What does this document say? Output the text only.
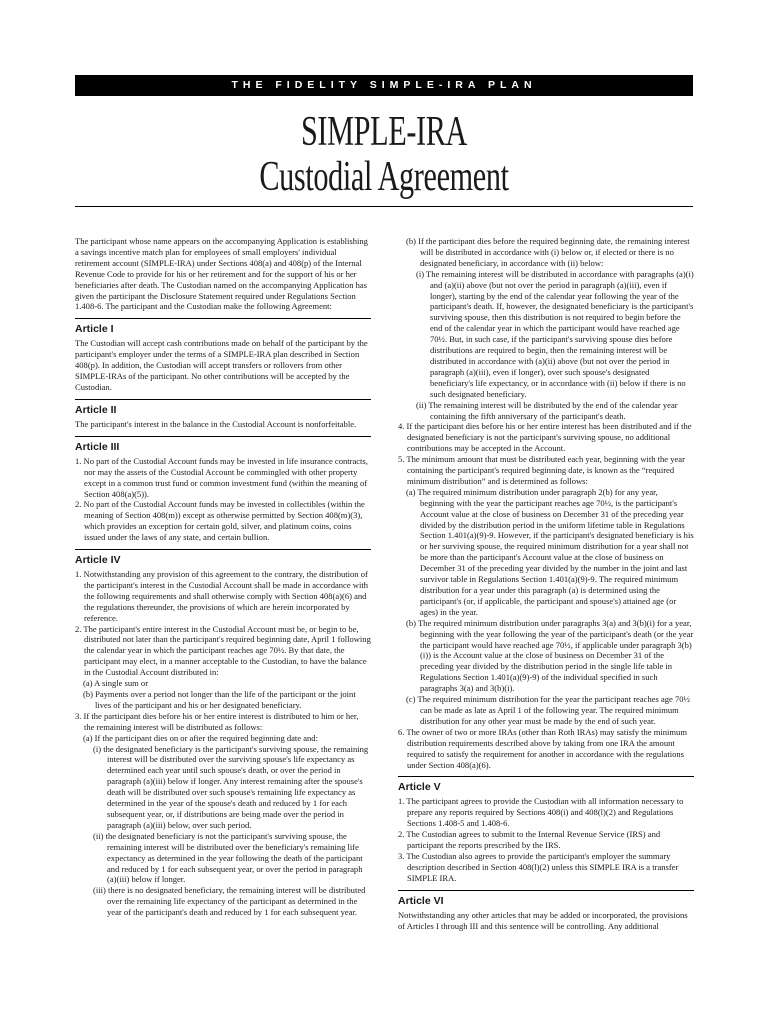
THE FIDELITY SIMPLE-IRA PLAN
SIMPLE-IRA
Custodial Agreement

The participant whose name appears on the accompanying Application is establishing a savings incentive match plan for employees of small employers' individual retirement account (SIMPLE-IRA) under Sections 408(a) and 408(p) of the Internal Revenue Code to provide for his or her retirement and for the support of his or her beneficiaries after death. The Custodian named on the accompanying Application has given the participant the Disclosure Statement required under Regulations Section 1.408-6. The participant and the Custodian make the following Agreement:

Article I

The Custodian will accept cash contributions made on behalf of the participant by the participant's employer under the terms of a SIMPLE-IRA plan described in Section 408(p). In addition, the Custodian will accept transfers or rollovers from other SIMPLE-IRAs of the participant. No other contributions will be accepted by the Custodian.

Article II

The participant's interest in the balance in the Custodial Account is nonforfeitable.

Article III

1. No part of the Custodial Account funds may be invested in life insurance contracts, nor may the assets of the Custodial Account be commingled with other property except in a common trust fund or common investment fund (within the meaning of Section 408(a)(5)).

2. No part of the Custodial Account funds may be invested in collectibles (within the meaning of Section 408(m)) except as otherwise permitted by Section 408(m)(3), which provides an exception for certain gold, silver, and platinum coins, coins issued under the laws of any state, and certain bullion.

Article IV

1. Notwithstanding any provision of this agreement to the contrary, the distribution of the participant's interest in the Custodial Account shall be made in accordance with the following requirements and shall otherwise comply with Section 408(a)(6) and the regulations thereunder, the provisions of which are herein incorporated by reference.

2. The participant's entire interest in the Custodial Account must be, or begin to be, distributed not later than the participant's required beginning date, April 1 following the calendar year in which the participant reaches age 70½. By that date, the participant may elect, in a manner acceptable to the Custodian, to have the balance in the Custodial Account distributed in:

(a) A single sum or

(b) Payments over a period not longer than the life of the participant or the joint lives of the participant and his or her designated beneficiary.

3. If the participant dies before his or her entire interest is distributed to him or her, the remaining interest will be distributed as follows:

(a) If the participant dies on or after the required beginning date and:

(i) the designated beneficiary is the participant's surviving spouse, the remaining interest will be distributed over the surviving spouse's life expectancy as determined each year until such spouse's death, or over the period in paragraph (a)(iii) below if longer. Any interest remaining after the spouse's death will be distributed over such spouse's remaining life expectancy as determined in the year of the spouse's death and reduced by 1 for each subsequent year, or, if distributions are being made over the period in paragraph (a)(iii) below, over such period.

(ii) the designated beneficiary is not the participant's surviving spouse, the remaining interest will be distributed over the beneficiary's remaining life expectancy as determined in the year following the death of the participant and reduced by 1 for each subsequent year, or over the period in paragraph (a)(iii) below if longer.

(iii) there is no designated beneficiary, the remaining interest will be distributed over the remaining life expectancy of the participant as determined in the year of the participant's death and reduced by 1 for each subsequent year.

(b) If the participant dies before the required beginning date, the remaining interest will be distributed in accordance with (i) below or, if elected or there is no designated beneficiary, in accordance with (ii) below:

(i) The remaining interest will be distributed in accordance with paragraphs (a)(i) and (a)(ii) above (but not over the period in paragraph (a)(iii), even if longer), starting by the end of the calendar year following the year of the participant's death. If, however, the designated beneficiary is the participant's surviving spouse, then this distribution is not required to begin before the end of the calendar year in which the participant would have reached age 70½. But, in such case, if the participant's surviving spouse dies before distributions are required to begin, then the remaining interest will be distributed in accordance with (a)(ii) above (but not over the period in paragraph (a)(iii), even if longer), over such spouse's designated beneficiary's life expectancy, or in accordance with (ii) below if there is no such designated beneficiary.

(ii) The remaining interest will be distributed by the end of the calendar year containing the fifth anniversary of the participant's death.

4. If the participant dies before his or her entire interest has been distributed and if the designated beneficiary is not the participant's surviving spouse, no additional contributions may be accepted in the Account.

5. The minimum amount that must be distributed each year, beginning with the year containing the participant's required beginning date, is known as the “required minimum distribution” and is determined as follows:

(a) The required minimum distribution under paragraph 2(b) for any year, beginning with the year the participant reaches age 70½, is the participant's Account value at the close of business on December 31 of the preceding year divided by the distribution period in the uniform lifetime table in Regulations Section 1.401(a)(9)-9. However, if the participant's designated beneficiary is his or her surviving spouse, the required minimum distribution for a year shall not be more than the participant's Account value at the close of business on December 31 of the preceding year divided by the number in the joint and last survivor table in Regulations Section 1.401(a)(9)-9. The required minimum distribution for a year under this paragraph (a) is determined using the participant's (or, if applicable, the participant and spouse's) attained age (or ages) in the year.

(b) The required minimum distribution under paragraphs 3(a) and 3(b)(i) for a year, beginning with the year following the year of the participant's death (or the year the participant would have reached age 70½, if applicable under paragraph 3(b)(i)) is the Account value at the close of business on December 31 of the preceding year divided by the distribution period in the single life table in Regulations Section 1.401(a)(9)-9) of the individual specified in such paragraphs 3(a) and 3(b)(i).

(c) The required minimum distribution for the year the participant reaches age 70½ can be made as late as April 1 of the following year. The required minimum distribution for any other year must be made by the end of such year.

6. The owner of two or more IRAs (other than Roth IRAs) may satisfy the minimum distribution requirements described above by taking from one IRA the amount required to satisfy the requirement for another in accordance with the regulations under Section 408(a)(6).

Article V

1. The participant agrees to provide the Custodian with all information necessary to prepare any reports required by Sections 408(i) and 408(l)(2) and Regulations Sections 1.408-5 and 1.408-6.

2. The Custodian agrees to submit to the Internal Revenue Service (IRS) and participant the reports prescribed by the IRS.

3. The Custodian also agrees to provide the participant's employer the summary description described in Section 408(l)(2) unless this SIMPLE IRA is a transfer SIMPLE IRA.

Article VI

Notwithstanding any other articles that may be added or incorporated, the provisions of Articles I through III and this sentence will be controlling. Any additional
